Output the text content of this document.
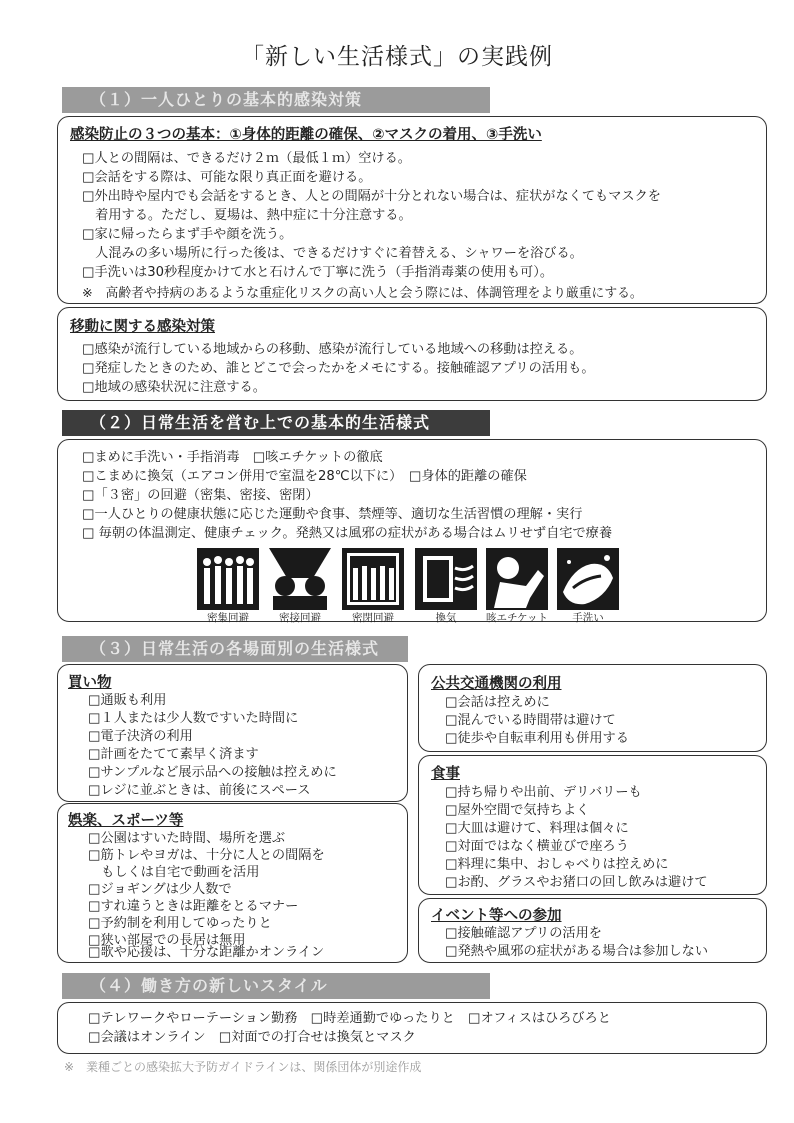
「新しい生活様式」の実践例
（１）一人ひとりの基本的感染対策
感染防止の３つの基本：①身体的距離の確保、②マスクの着用、③手洗い
□人との間隔は、できるだけ２ｍ（最低１ｍ）空ける。
□会話をする際は、可能な限り真正面を避ける。
□外出時や屋内でも会話をするとき、人との間隔が十分とれない場合は、症状がなくてもマスクを
　着用する。ただし、夏場は、熱中症に十分注意する。
□家に帰ったらまず手や顔を洗う。
　人混みの多い場所に行った後は、できるだけすぐに着替える、シャワーを浴びる。
□手洗いは30秒程度かけて水と石けんで丁寧に洗う（手指消毒薬の使用も可）。
※　高齢者や持病のあるような重症化リスクの高い人と会う際には、体調管理をより厳重にする。
移動に関する感染対策
□感染が流行している地域からの移動、感染が流行している地域への移動は控える。
□発症したときのため、誰とどこで会ったかをメモにする。接触確認アプリの活用も。
□地域の感染状況に注意する。
（２）日常生活を営む上での基本的生活様式
□まめに手洗い・手指消毒　□咳エチケットの徹底
□こまめに換気（エアコン併用で室温を28℃以下に）　□身体的距離の確保
□「３密」の回避（密集、密接、密閉）
□一人ひとりの健康状態に応じた運動や食事、禁煙等、適切な生活習慣の理解・実行
□ 毎朝の体温測定、健康チェック。発熱又は風邪の症状がある場合はムリせず自宅で療養
密集回避	密接回避	密閉回避	換気	咳エチケット	手洗い
（３）日常生活の各場面別の生活様式
買い物
□通販も利用
□１人または少人数ですいた時間に
□電子決済の利用
□計画をたてて素早く済ます
□サンプルなど展示品への接触は控えめに
□レジに並ぶときは、前後にスペース
娯楽、スポーツ等
□公園はすいた時間、場所を選ぶ
□筋トレやヨガは、十分に人との間隔を
　もしくは自宅で動画を活用
□ジョギングは少人数で
□すれ違うときは距離をとるマナー
□予約制を利用してゆったりと
□狭い部屋での長居は無用
□歌や応援は、十分な距離かオンライン
公共交通機関の利用
□会話は控えめに
□混んでいる時間帯は避けて
□徒歩や自転車利用も併用する
食事
□持ち帰りや出前、デリバリーも
□屋外空間で気持ちよく
□大皿は避けて、料理は個々に
□対面ではなく横並びで座ろう
□料理に集中、おしゃべりは控えめに
□お酌、グラスやお猪口の回し飲みは避けて
イベント等への参加
□接触確認アプリの活用を
□発熱や風邪の症状がある場合は参加しない
（４）働き方の新しいスタイル
□テレワークやローテーション勤務　□時差通勤でゆったりと　□オフィスはひろびろと
□会議はオンライン　□対面での打合せは換気とマスク
※　業種ごとの感染拡大予防ガイドラインは、関係団体が別途作成
